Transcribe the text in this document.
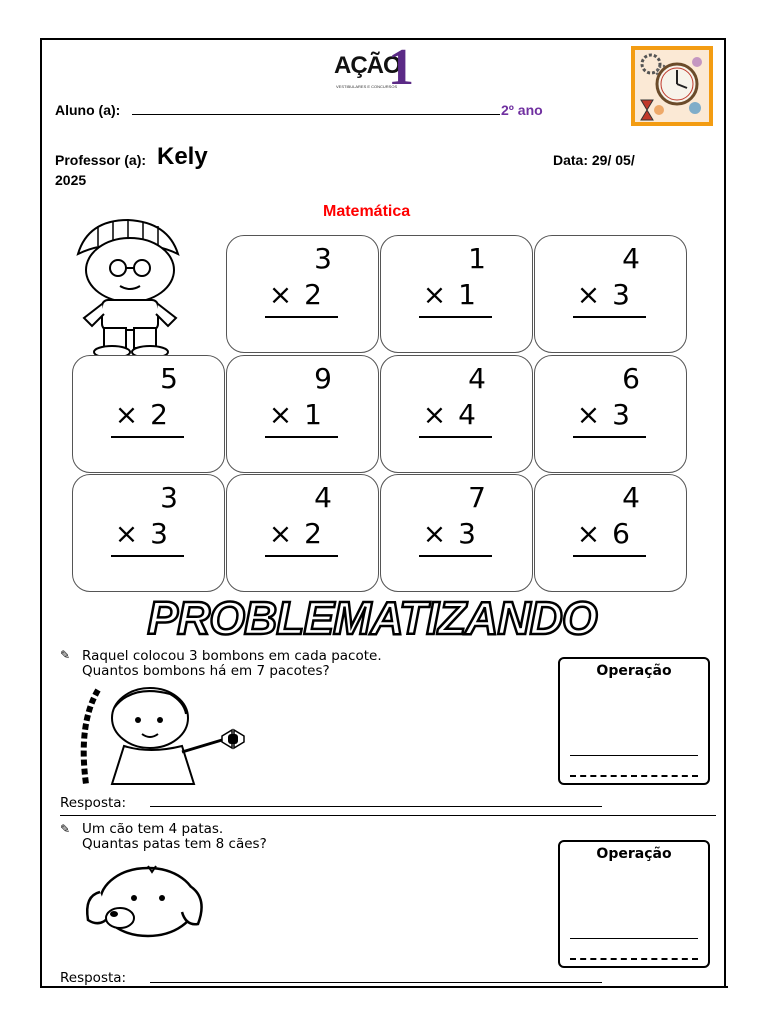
AÇÃO
1
VESTIBULARES E CONCURSOS
Aluno (a):	2º ano
Professor (a): Kely	Data: 29/ 05/
2025
Matemática
3
×2
1
×1
4
×3
5
×2
9
×1
4
×4
6
×3
3
×3
4
×2
7
×3
4
×6
PROBLEMATIZANDO
✎ Raquel colocou 3 bombons em cada pacote.
Quantos bombons há em 7 pacotes?	Operação
Resposta:
✎ Um cão tem 4 patas.
Quantas patas tem 8 cães?
Operação
Resposta:
